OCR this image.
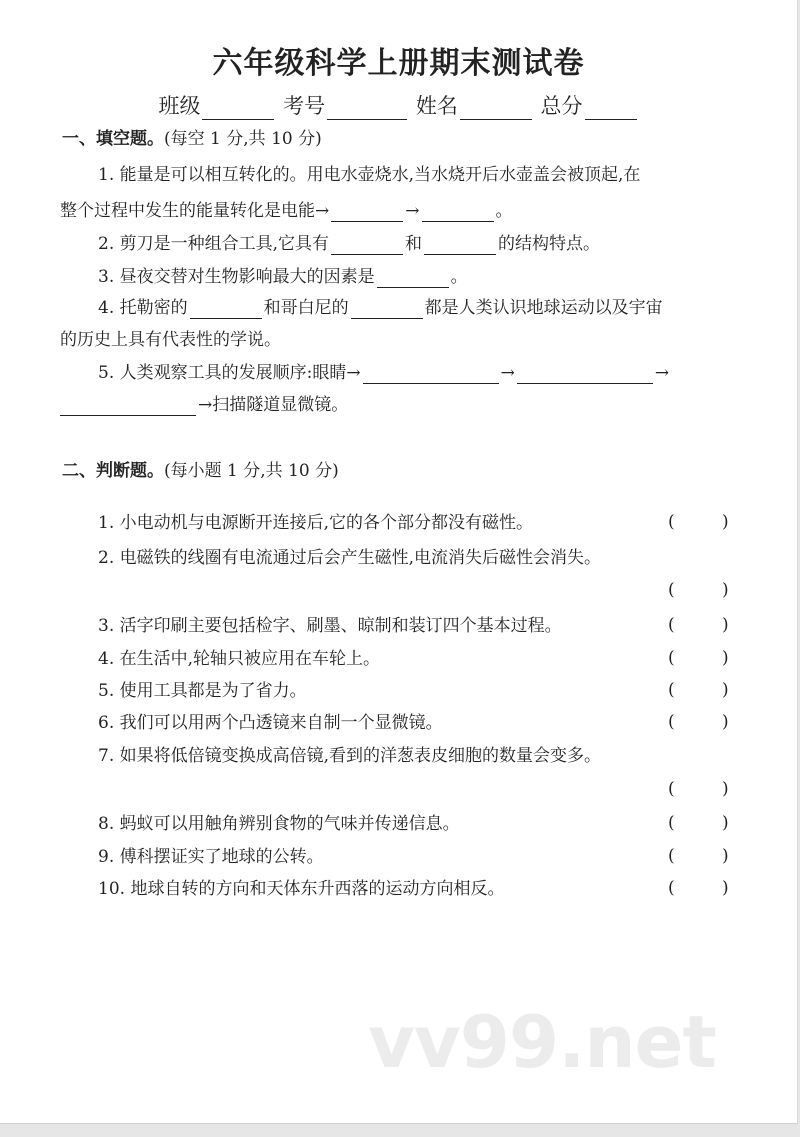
六年级科学上册期末测试卷
班级	考号	姓名	总分
一、填空题。(每空 1 分,共 10 分)
1. 能量是可以相互转化的。用电水壶烧水,当水烧开后水壶盖会被顶起,在
整个过程中发生的能量转化是电能→	→	。
2. 剪刀是一种组合工具,它具有	和	的结构特点。
3. 昼夜交替对生物影响最大的因素是	。
4. 托勒密的	和哥白尼的	都是人类认识地球运动以及宇宙
的历史上具有代表性的学说。
5. 人类观察工具的发展顺序:眼睛→	→	→
→扫描隧道显微镜。
二、判断题。(每小题 1 分,共 10 分)
1. 小电动机与电源断开连接后,它的各个部分都没有磁性。	(	)
2. 电磁铁的线圈有电流通过后会产生磁性,电流消失后磁性会消失。
(	)
3. 活字印刷主要包括检字、刷墨、晾制和装订四个基本过程。	(	)
4. 在生活中,轮轴只被应用在车轮上。	(	)
5. 使用工具都是为了省力。	(	)
6. 我们可以用两个凸透镜来自制一个显微镜。	(	)
7. 如果将低倍镜变换成高倍镜,看到的洋葱表皮细胞的数量会变多。
(	)
8. 蚂蚁可以用触角辨别食物的气味并传递信息。	(	)
9. 傅科摆证实了地球的公转。	(	)
10. 地球自转的方向和天体东升西落的运动方向相反。	(	)
vv99.net
